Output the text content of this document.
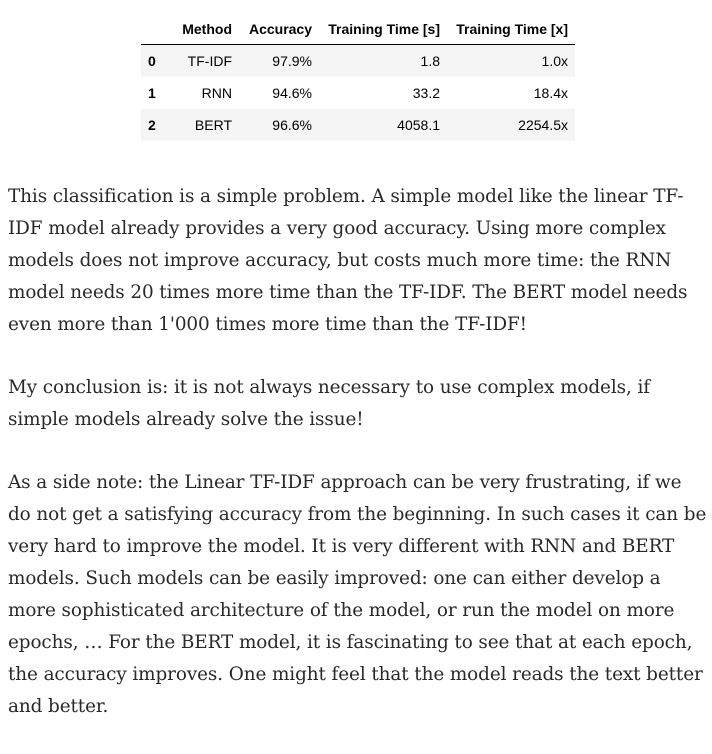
	Method	Accuracy	Training Time [s]	Training Time [x]
0	TF-IDF	97.9%	1.8	1.0x
1	RNN	94.6%	33.2	18.4x
2	BERT	96.6%	4058.1	2254.5x

This classification is a simple problem. A simple model like the linear TF-IDF model already provides a very good accuracy. Using more complex models does not improve accuracy, but costs much more time: the RNN model needs 20 times more time than the TF-IDF. The BERT model needs even more than 1'000 times more time than the TF-IDF!

My conclusion is: it is not always necessary to use complex models, if simple models already solve the issue!

As a side note: the Linear TF-IDF approach can be very frustrating, if we do not get a satisfying accuracy from the beginning. In such cases it can be very hard to improve the model. It is very different with RNN and BERT models. Such models can be easily improved: one can either develop a more sophisticated architecture of the model, or run the model on more epochs, … For the BERT model, it is fascinating to see that at each epoch, the accuracy improves. One might feel that the model reads the text better and better.
